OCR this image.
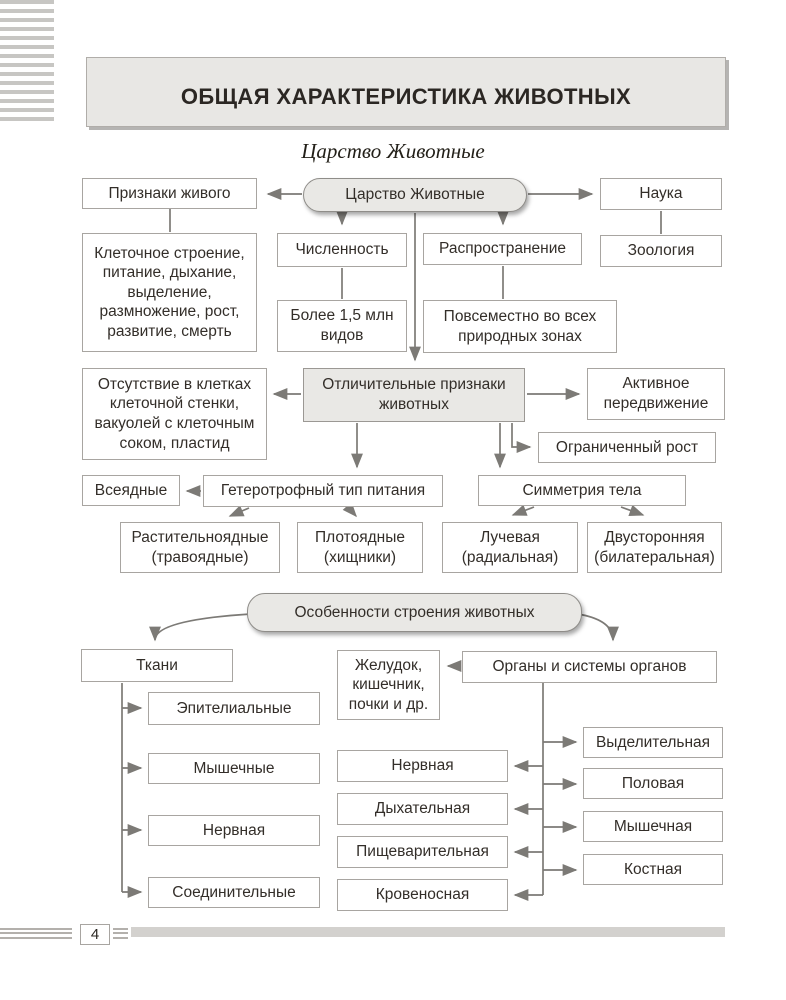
ОБЩАЯ ХАРАКТЕРИСТИКА ЖИВОТНЫХ
Царство Животные
Признаки живого	Царство Животные	Наука
Клеточное строение, питание, дыхание, выделение, размножение, рост, развитие, смерть
Численность	Распространение	Зоология
Более 1,5 млн видов
Повсеместно во всех природных зонах
Отсутствие в клетках клеточной стенки, вакуолей с клеточным соком, пластид
Отличительные признаки животных
Активное передвижение
Ограниченный рост
Всеядные	Гетеротрофный тип питания	Симметрия тела
Растительноядные (травоядные)
Плотоядные (хищники)
Лучевая (радиальная)
Двусторонняя (билатеральная)
Особенности строения животных
Ткани	Желудок, кишечник, почки и др.
Органы и системы органов
Эпителиальные
Мышечные
Нервная
Соединительные
Нервная
Дыхательная
Пищеварительная
Кровеносная
Выделительная
Половая
Мышечная
Костная
4
